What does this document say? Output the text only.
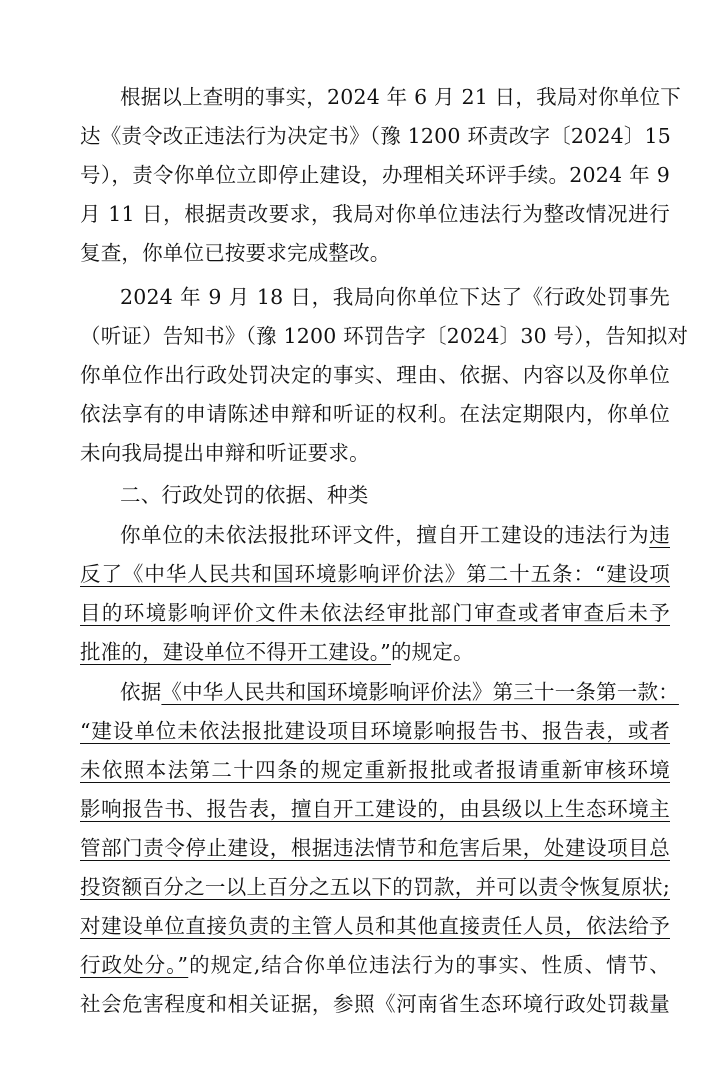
根据以上查明的事实，2024 年 6 月 21 日，我局对你单位下
达《责令改正违法行为决定书》（豫 1200 环责改字〔2024〕15
号），责令你单位立即停止建设，办理相关环评手续。2024 年 9
月 11 日，根据责改要求，我局对你单位违法行为整改情况进行
复查，你单位已按要求完成整改。
2024 年 9 月 18 日，我局向你单位下达了《行政处罚事先
（听证）告知书》（豫 1200 环罚告字〔2024〕30 号），告知拟对
你单位作出行政处罚决定的事实、理由、依据、内容以及你单位
依法享有的申请陈述申辩和听证的权利。在法定期限内，你单位
未向我局提出申辩和听证要求。
二、行政处罚的依据、种类
你单位的未依法报批环评文件，擅自开工建设的违法行为违
反了《中华人民共和国环境影响评价法》第二十五条：“建设项
目的环境影响评价文件未依法经审批部门审查或者审查后未予
批准的，建设单位不得开工建设。”的规定。
依据《中华人民共和国环境影响评价法》第三十一条第一款：
“建设单位未依法报批建设项目环境影响报告书、报告表，或者
未依照本法第二十四条的规定重新报批或者报请重新审核环境
影响报告书、报告表，擅自开工建设的，由县级以上生态环境主
管部门责令停止建设，根据违法情节和危害后果，处建设项目总
投资额百分之一以上百分之五以下的罚款，并可以责令恢复原状;
对建设单位直接负责的主管人员和其他直接责任人员，依法给予
行政处分。”的规定,结合你单位违法行为的事实、性质、情节、
社会危害程度和相关证据，参照《河南省生态环境行政处罚裁量
